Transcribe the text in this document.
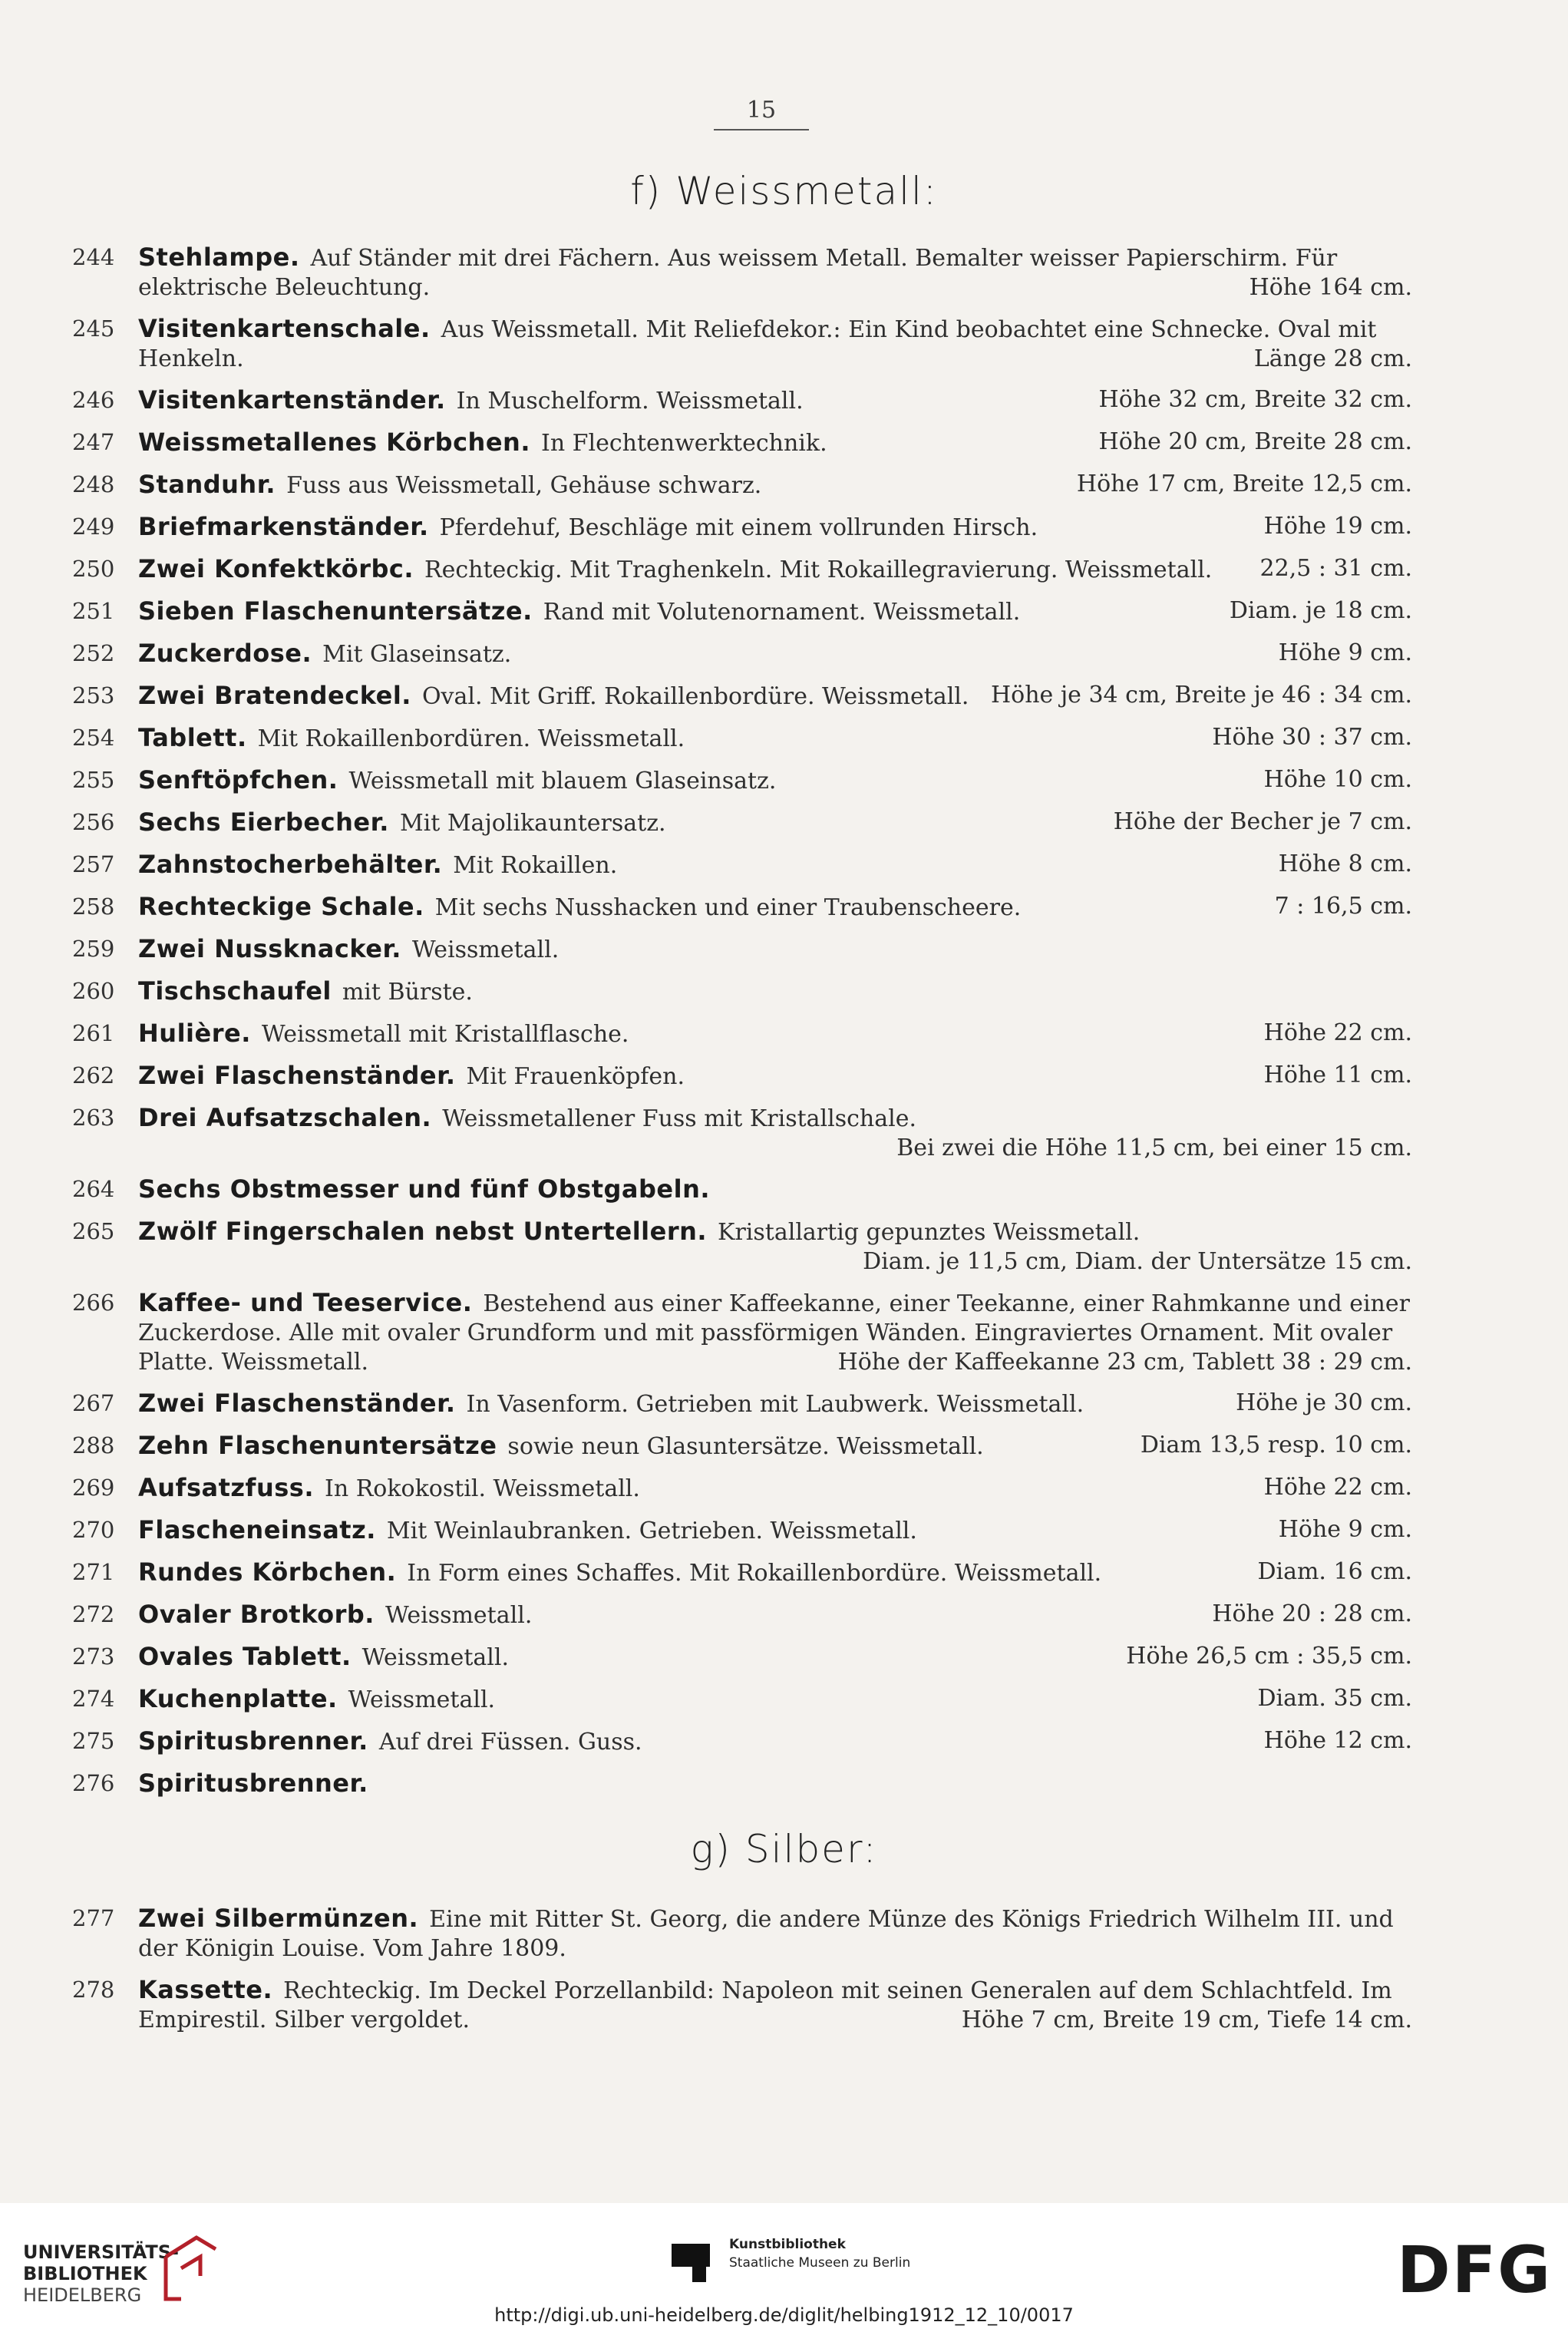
15
f) Weissmetall:
244 Stehlampe. Auf Ständer mit drei Fächern. Aus weissem Metall. Bemalter weisser Papierschirm. Für elektrische Beleuchtung.	Höhe 164 cm.
245 Visitenkartenschale. Aus Weissmetall. Mit Reliefdekor.: Ein Kind beobachtet eine Schnecke. Oval mit Henkeln.	Länge 28 cm.
246 Visitenkartenständer. In Muschelform. Weissmetall.	Höhe 32 cm, Breite 32 cm.
247 Weissmetallenes Körbchen. In Flechtenwerktechnik.	Höhe 20 cm, Breite 28 cm.
248 Standuhr. Fuss aus Weissmetall, Gehäuse schwarz.	Höhe 17 cm, Breite 12,5 cm.
249 Briefmarkenständer. Pferdehuf, Beschläge mit einem vollrunden Hirsch.	Höhe 19 cm.
250 Zwei Konfektkörbc. Rechteckig. Mit Traghenkeln. Mit Rokaillegravierung. Weissmetall. 22,5 : 31 cm.
251 Sieben Flaschenuntersätze. Rand mit Volutenornament. Weissmetall.	Diam. je 18 cm.
252 Zuckerdose. Mit Glaseinsatz.	Höhe 9 cm.
253 Zwei Bratendeckel. Oval. Mit Griff. Rokaillenbordüre. Weissmetall. Höhe je 34 cm, Breite je 46 : 34 cm.
254 Tablett. Mit Rokaillenbordüren. Weissmetall.	Höhe 30 : 37 cm.
255 Senftöpfchen. Weissmetall mit blauem Glaseinsatz.	Höhe 10 cm.
256 Sechs Eierbecher. Mit Majolikauntersatz.	Höhe der Becher je 7 cm.
257 Zahnstocherbehälter. Mit Rokaillen.	Höhe 8 cm.
258 Rechteckige Schale. Mit sechs Nusshacken und einer Traubenscheere.	7 : 16,5 cm.
259 Zwei Nussknacker. Weissmetall.
260 Tischschaufel mit Bürste.
261 Hulière. Weissmetall mit Kristallflasche.	Höhe 22 cm.
262 Zwei Flaschenständer. Mit Frauenköpfen.	Höhe 11 cm.
263 Drei Aufsatzschalen. Weissmetallener Fuss mit Kristallschale.
Bei zwei die Höhe 11,5 cm, bei einer 15 cm.
264 Sechs Obstmesser und fünf Obstgabeln.
265 Zwölf Fingerschalen nebst Untertellern. Kristallartig gepunztes Weissmetall.
Diam. je 11,5 cm, Diam. der Untersätze 15 cm.
266 Kaffee- und Teeservice. Bestehend aus einer Kaffeekanne, einer Teekanne, einer Rahmkanne und einer Zuckerdose. Alle mit ovaler Grundform und mit passförmigen Wänden. Eingraviertes Ornament. Mit ovaler Platte. Weissmetall.	Höhe der Kaffeekanne 23 cm, Tablett 38 : 29 cm.
267 Zwei Flaschenständer. In Vasenform. Getrieben mit Laubwerk. Weissmetall.	Höhe je 30 cm.
288 Zehn Flaschenuntersätze sowie neun Glasuntersätze. Weissmetall.	Diam 13,5 resp. 10 cm.
269 Aufsatzfuss. In Rokokostil. Weissmetall.	Höhe 22 cm.
270 Flascheneinsatz. Mit Weinlaubranken. Getrieben. Weissmetall.	Höhe 9 cm.
271 Rundes Körbchen. In Form eines Schaffes. Mit Rokaillenbordüre. Weissmetall.	Diam. 16 cm.
272 Ovaler Brotkorb. Weissmetall.	Höhe 20 : 28 cm.
273 Ovales Tablett. Weissmetall.	Höhe 26,5 cm : 35,5 cm.
274 Kuchenplatte. Weissmetall.	Diam. 35 cm.
275 Spiritusbrenner. Auf drei Füssen. Guss.	Höhe 12 cm.
276 Spiritusbrenner.
g) Silber:
277 Zwei Silbermünzen. Eine mit Ritter St. Georg, die andere Münze des Königs Friedrich Wilhelm III. und der Königin Louise. Vom Jahre 1809.
278 Kassette. Rechteckig. Im Deckel Porzellanbild: Napoleon mit seinen Generalen auf dem Schlachtfeld. Im Empirestil. Silber vergoldet.	Höhe 7 cm, Breite 19 cm, Tiefe 14 cm.
UNIVERSITÄTS-
BIBLIOTHEK
HEIDELBERG
Kunstbibliothek
Staatliche Museen zu Berlin	DFG
http://digi.ub.uni-heidelberg.de/diglit/helbing1912_12_10/0017
